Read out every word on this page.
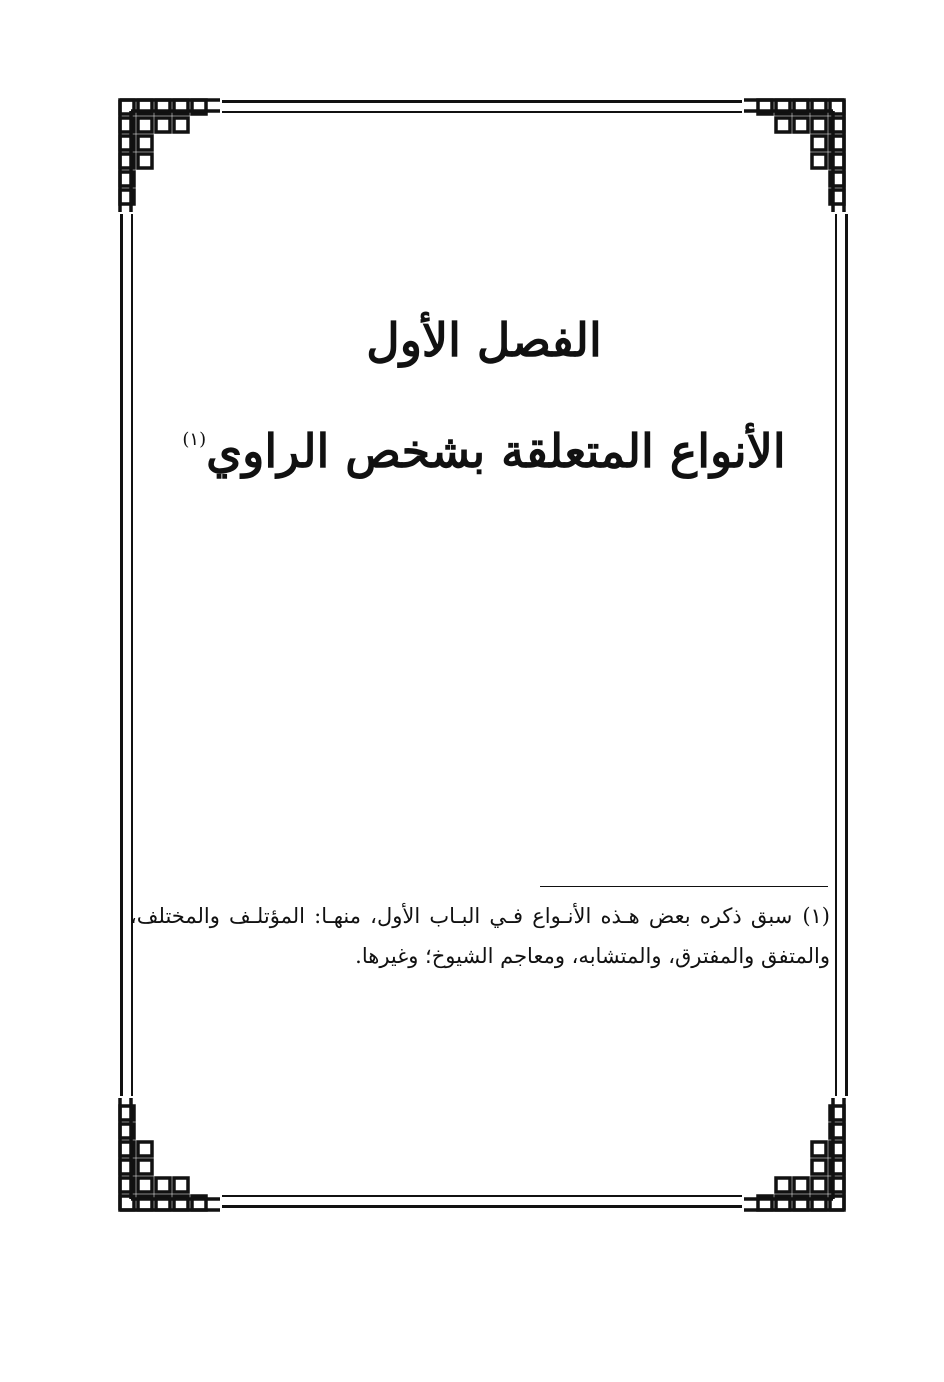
الفصل الأول
الأنواع المتعلقة بشخص الراوي$^{(١)}$
(١)سبق ذكره بعض هـذه الأنـواع فـي البـاب الأول، منهـا: المؤتلـف والمختلف، والمتفق والمفترق، والمتشابه، ومعاجم الشيوخ؛ وغيرها.
